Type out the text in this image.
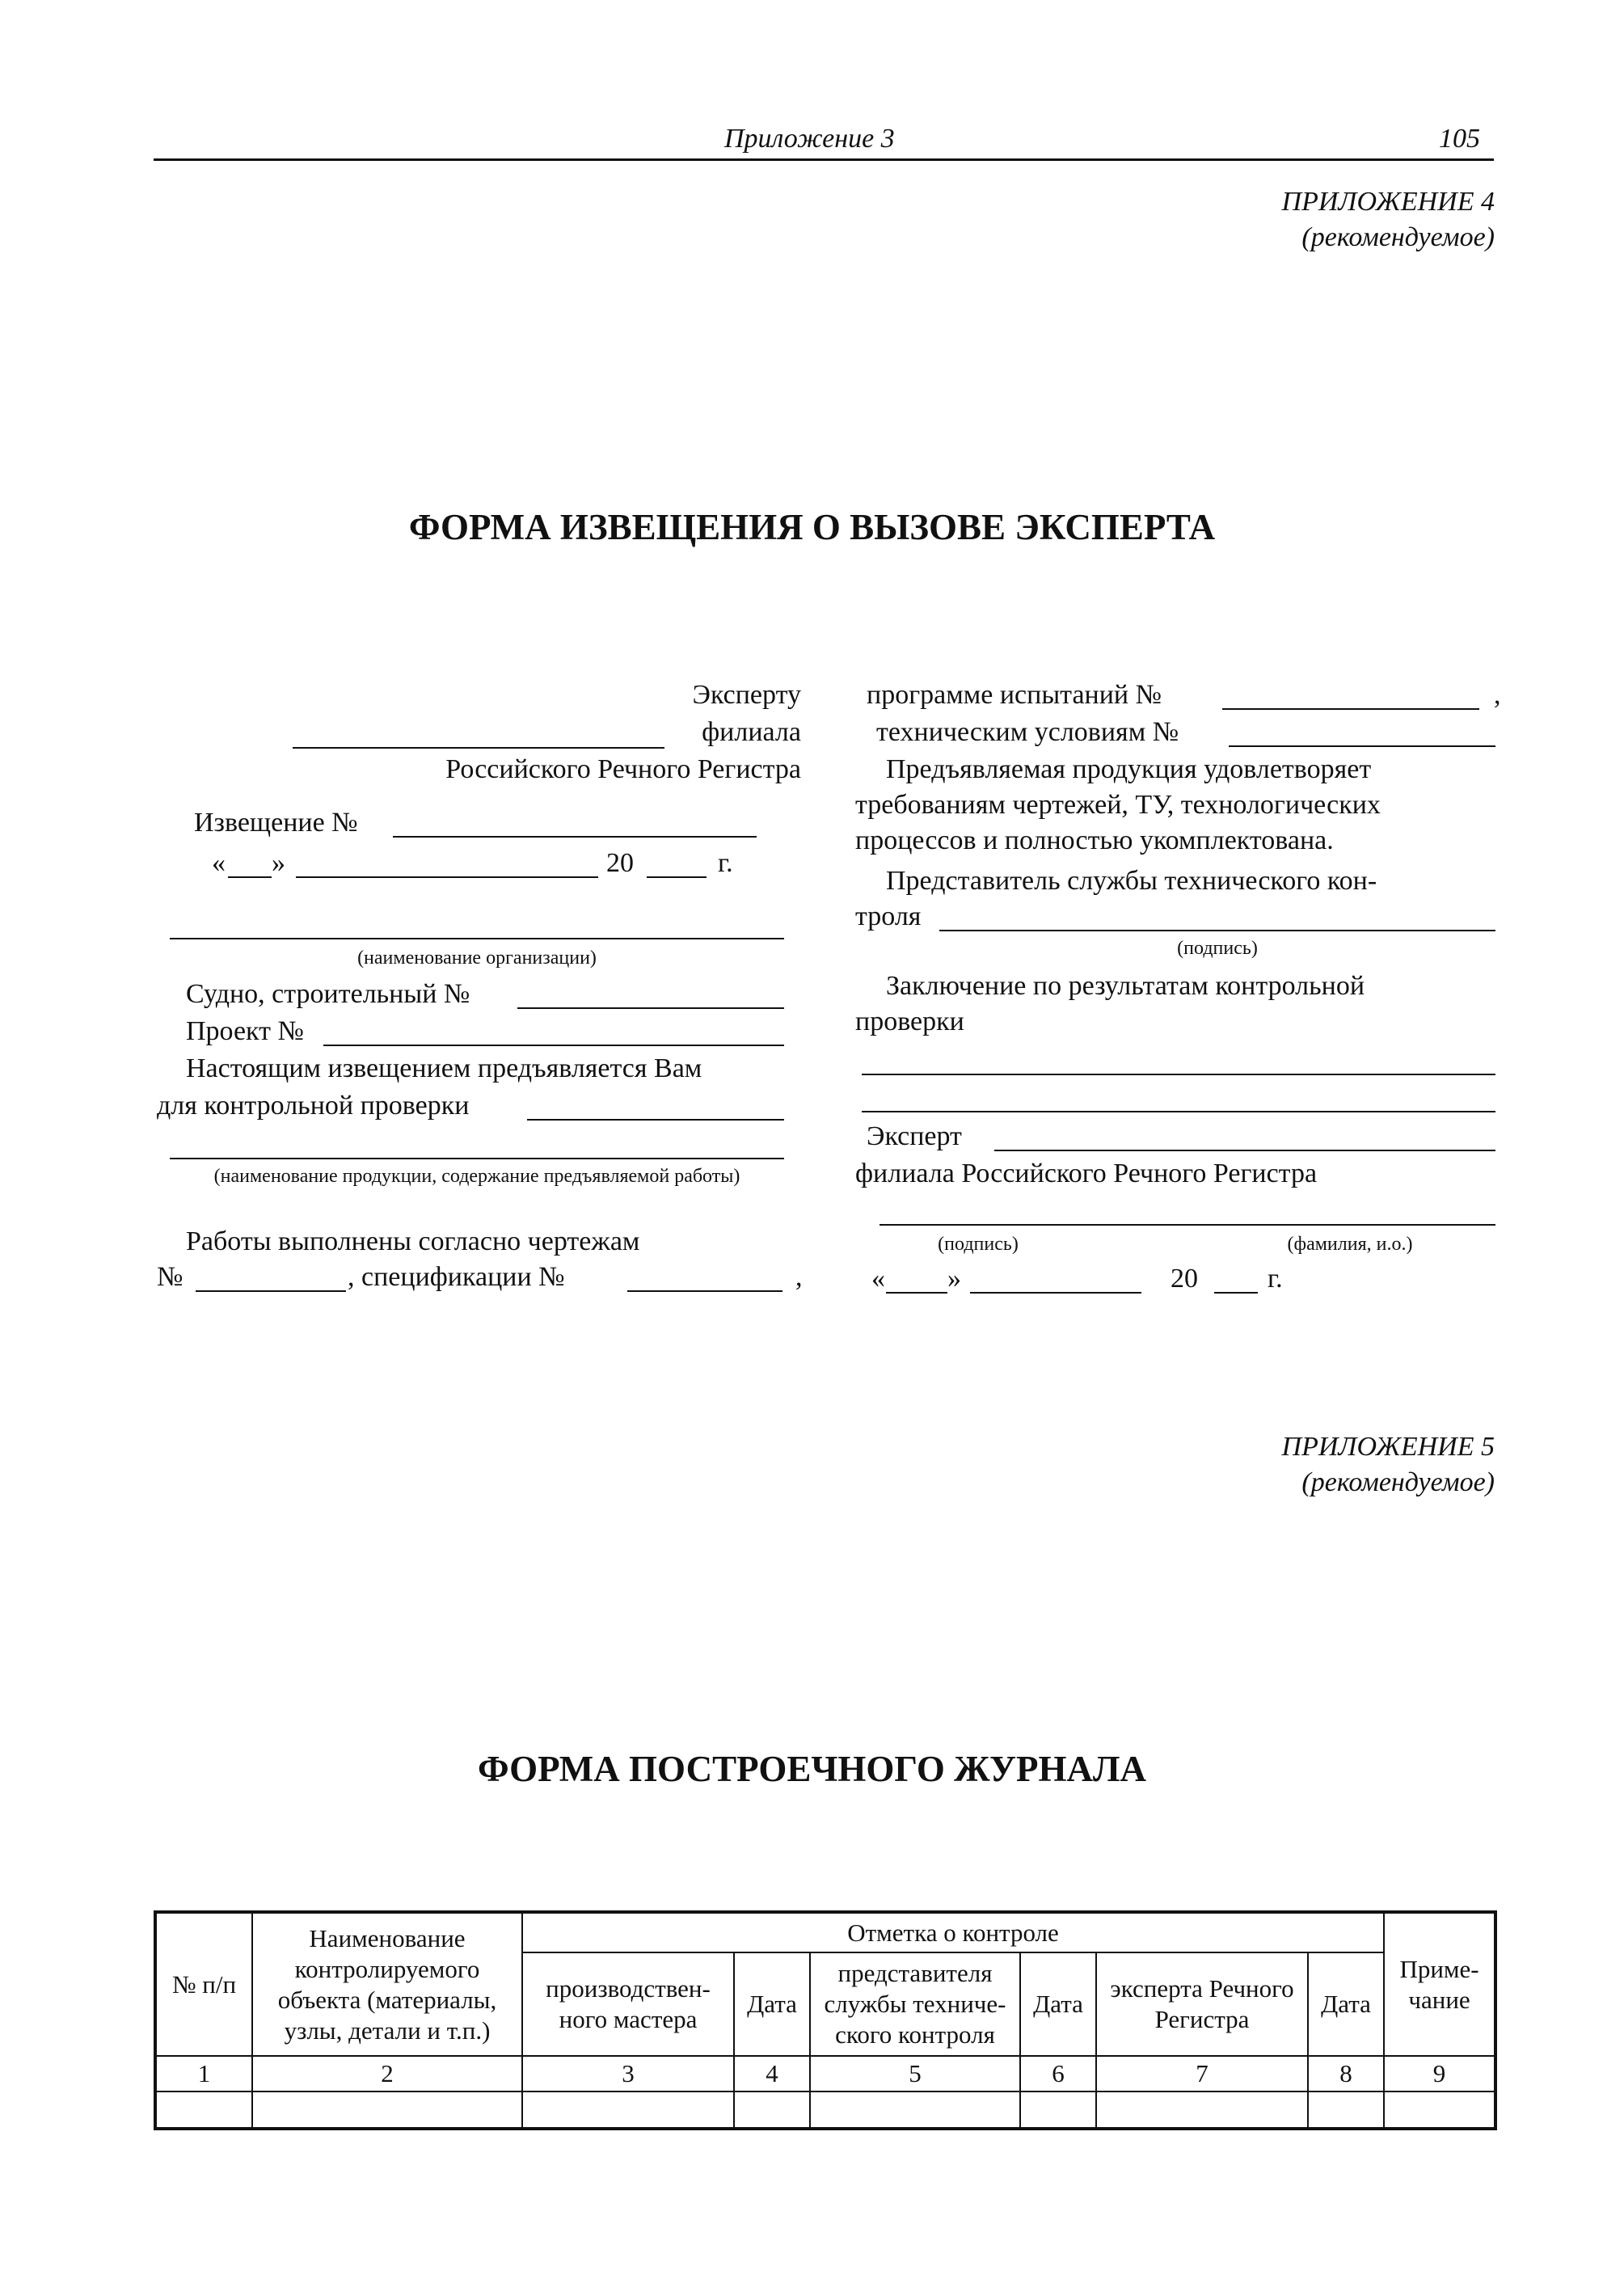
Приложение 3	105
ПРИЛОЖЕНИЕ 4
(рекомендуемое)
ФОРМА ИЗВЕЩЕНИЯ О ВЫЗОВЕ ЭКСПЕРТА
Эксперту
филиала
Российского Речного Регистра
Извещение №
« »	20	г.
(наименование организации)
Судно, строительный №
Проект №
Настоящим извещением предъявляется Вам
для контрольной проверки
(наименование продукции, содержание предъявляемой работы)
Работы выполнены согласно чертежам
№	, спецификации №	,
программе испытаний №	,
техническим условиям №
Предъявляемая продукция удовлетворяет
требованиям чертежей, ТУ, технологических
процессов и полностью укомплектована.
Представитель службы технического кон-
троля
(подпись)
Заключение по результатам контрольной
проверки
Эксперт
филиала Российского Речного Регистра
(подпись)	(фамилия, и.о.)
« »	20	г.
ПРИЛОЖЕНИЕ 5
(рекомендуемое)
ФОРМА ПОСТРОЕЧНОГО ЖУРНАЛА
№ п/п	Наименование контролируемого объекта (материалы, узлы, детали и т.п.)	Отметка о контроле						Приме-чание
		производствен-ного мастера	Дата	представителя службы техниче-ского контроля	Дата	эксперта Речного Регистра	Дата	
1	2	3	4	5	6	7	8	9
